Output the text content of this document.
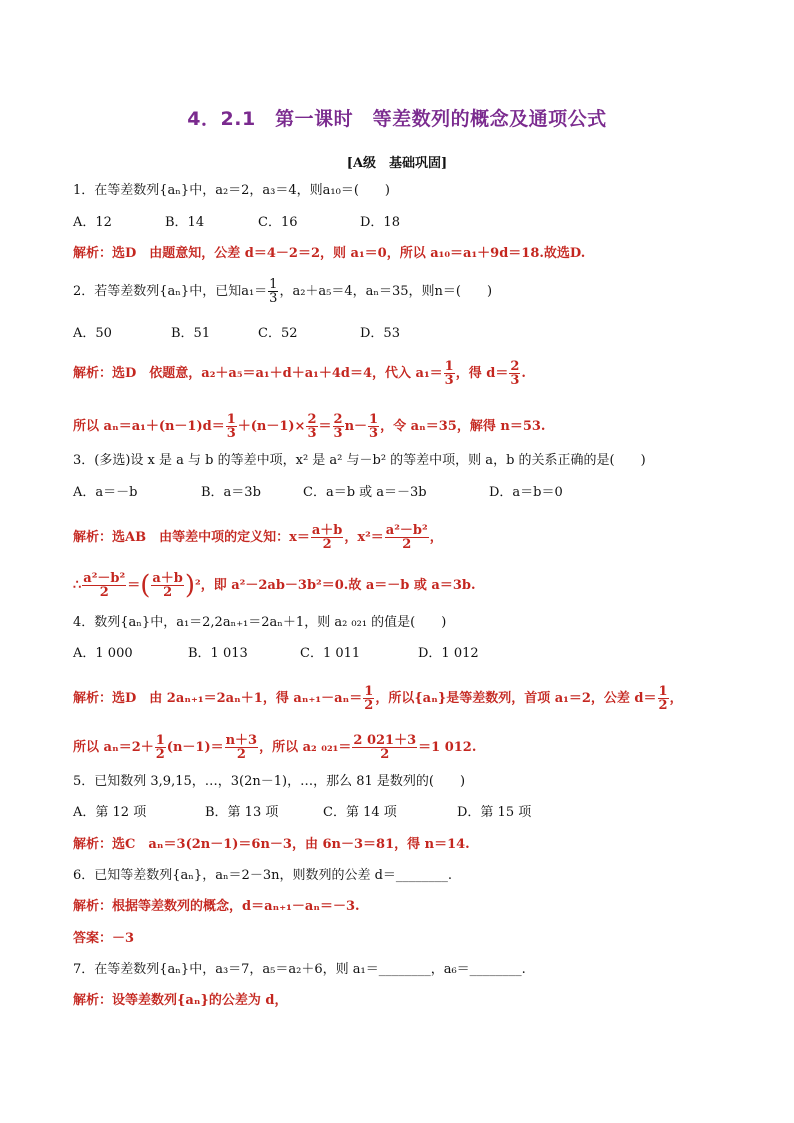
4．2.1　第一课时　等差数列的概念及通项公式
[A级　基础巩固]
1．在等差数列{aₙ}中，a₂＝2，a₃＝4，则a₁₀＝(　　)
A．12	B．14	C．16	D．18
解析：选D　由题意知，公差 d＝4－2＝2，则 a₁＝0，所以 a₁₀＝a₁＋9d＝18.故选D.
2．若等差数列{aₙ}中，已知$a_1= \frac{1}{3}$ ，a₂＋a₅＝4，aₙ＝35，则n＝(　　)
A．50	B．51	C．52	D．53
解析：选D　依题意，a₂＋a₅＝a₁＋d＋a₁＋4d＝4，代入 $a_1= \frac{1}{3}$ ，得 $d= \frac{2}{3}$ .
所以 $a_n=a_1+(n-1)d= \frac{1}{3} +(n-1)\times \frac{2}{3} = \frac{2}{3} n- \frac{1}{3}$ ，令 aₙ＝35，解得 n＝53.
3．(多选)设 x 是 a 与 b 的等差中项，x² 是 a² 与－b² 的等差中项，则 a，b 的关系正确的是(　　)
A．a＝－b	B．a＝3b	C．a＝b 或 a＝－3b	D．a＝b＝0
解析：选AB　由等差中项的定义知：$x= \frac{a+b}{2}$ ，$x^2= \frac{\text{a²－b²}}{2}$ ，
∴ $\frac{\text{a²－b²}}{2}$ ＝( $\frac{a+b}{2} )^2$，即 a²－2ab－3b²＝0.故 a＝－b 或 a＝3b.
4．数列{aₙ}中，a₁＝2,2aₙ₊₁＝2aₙ＋1，则 a₂ ₀₂₁ 的值是(　　)
A．1 000	B．1 013	C．1 011	D．1 012
解析：选D　由 2aₙ₊₁＝2aₙ＋1，得 $a_{n+1}-a_n= \frac{1}{2}$ ，所以{aₙ}是等差数列，首项 a₁＝2，公差 $d= \frac{1}{2}$ ，
所以 $a_n=2+ \frac{1}{2} (n-1)= \frac{n+3}{2}$ ，所以 a₂ $_{021}= \frac{2 021+3}{2} =1$ 012.
5．已知数列 3,9,15，…，3(2n－1)，…，那么 81 是数列的(　　)
A．第 12 项	B．第 13 项	C．第 14 项	D．第 15 项
解析：选C　aₙ＝3(2n－1)＝6n－3，由 6n－3＝81，得 n＝14.
6．已知等差数列{aₙ}，aₙ＝2－3n，则数列的公差 d＝________.
解析：根据等差数列的概念，d＝aₙ₊₁－aₙ＝－3.
答案：－3
7．在等差数列{aₙ}中，a₃＝7，a₅＝a₂＋6，则 a₁＝________，a₆＝________.
解析：设等差数列{aₙ}的公差为 d，
